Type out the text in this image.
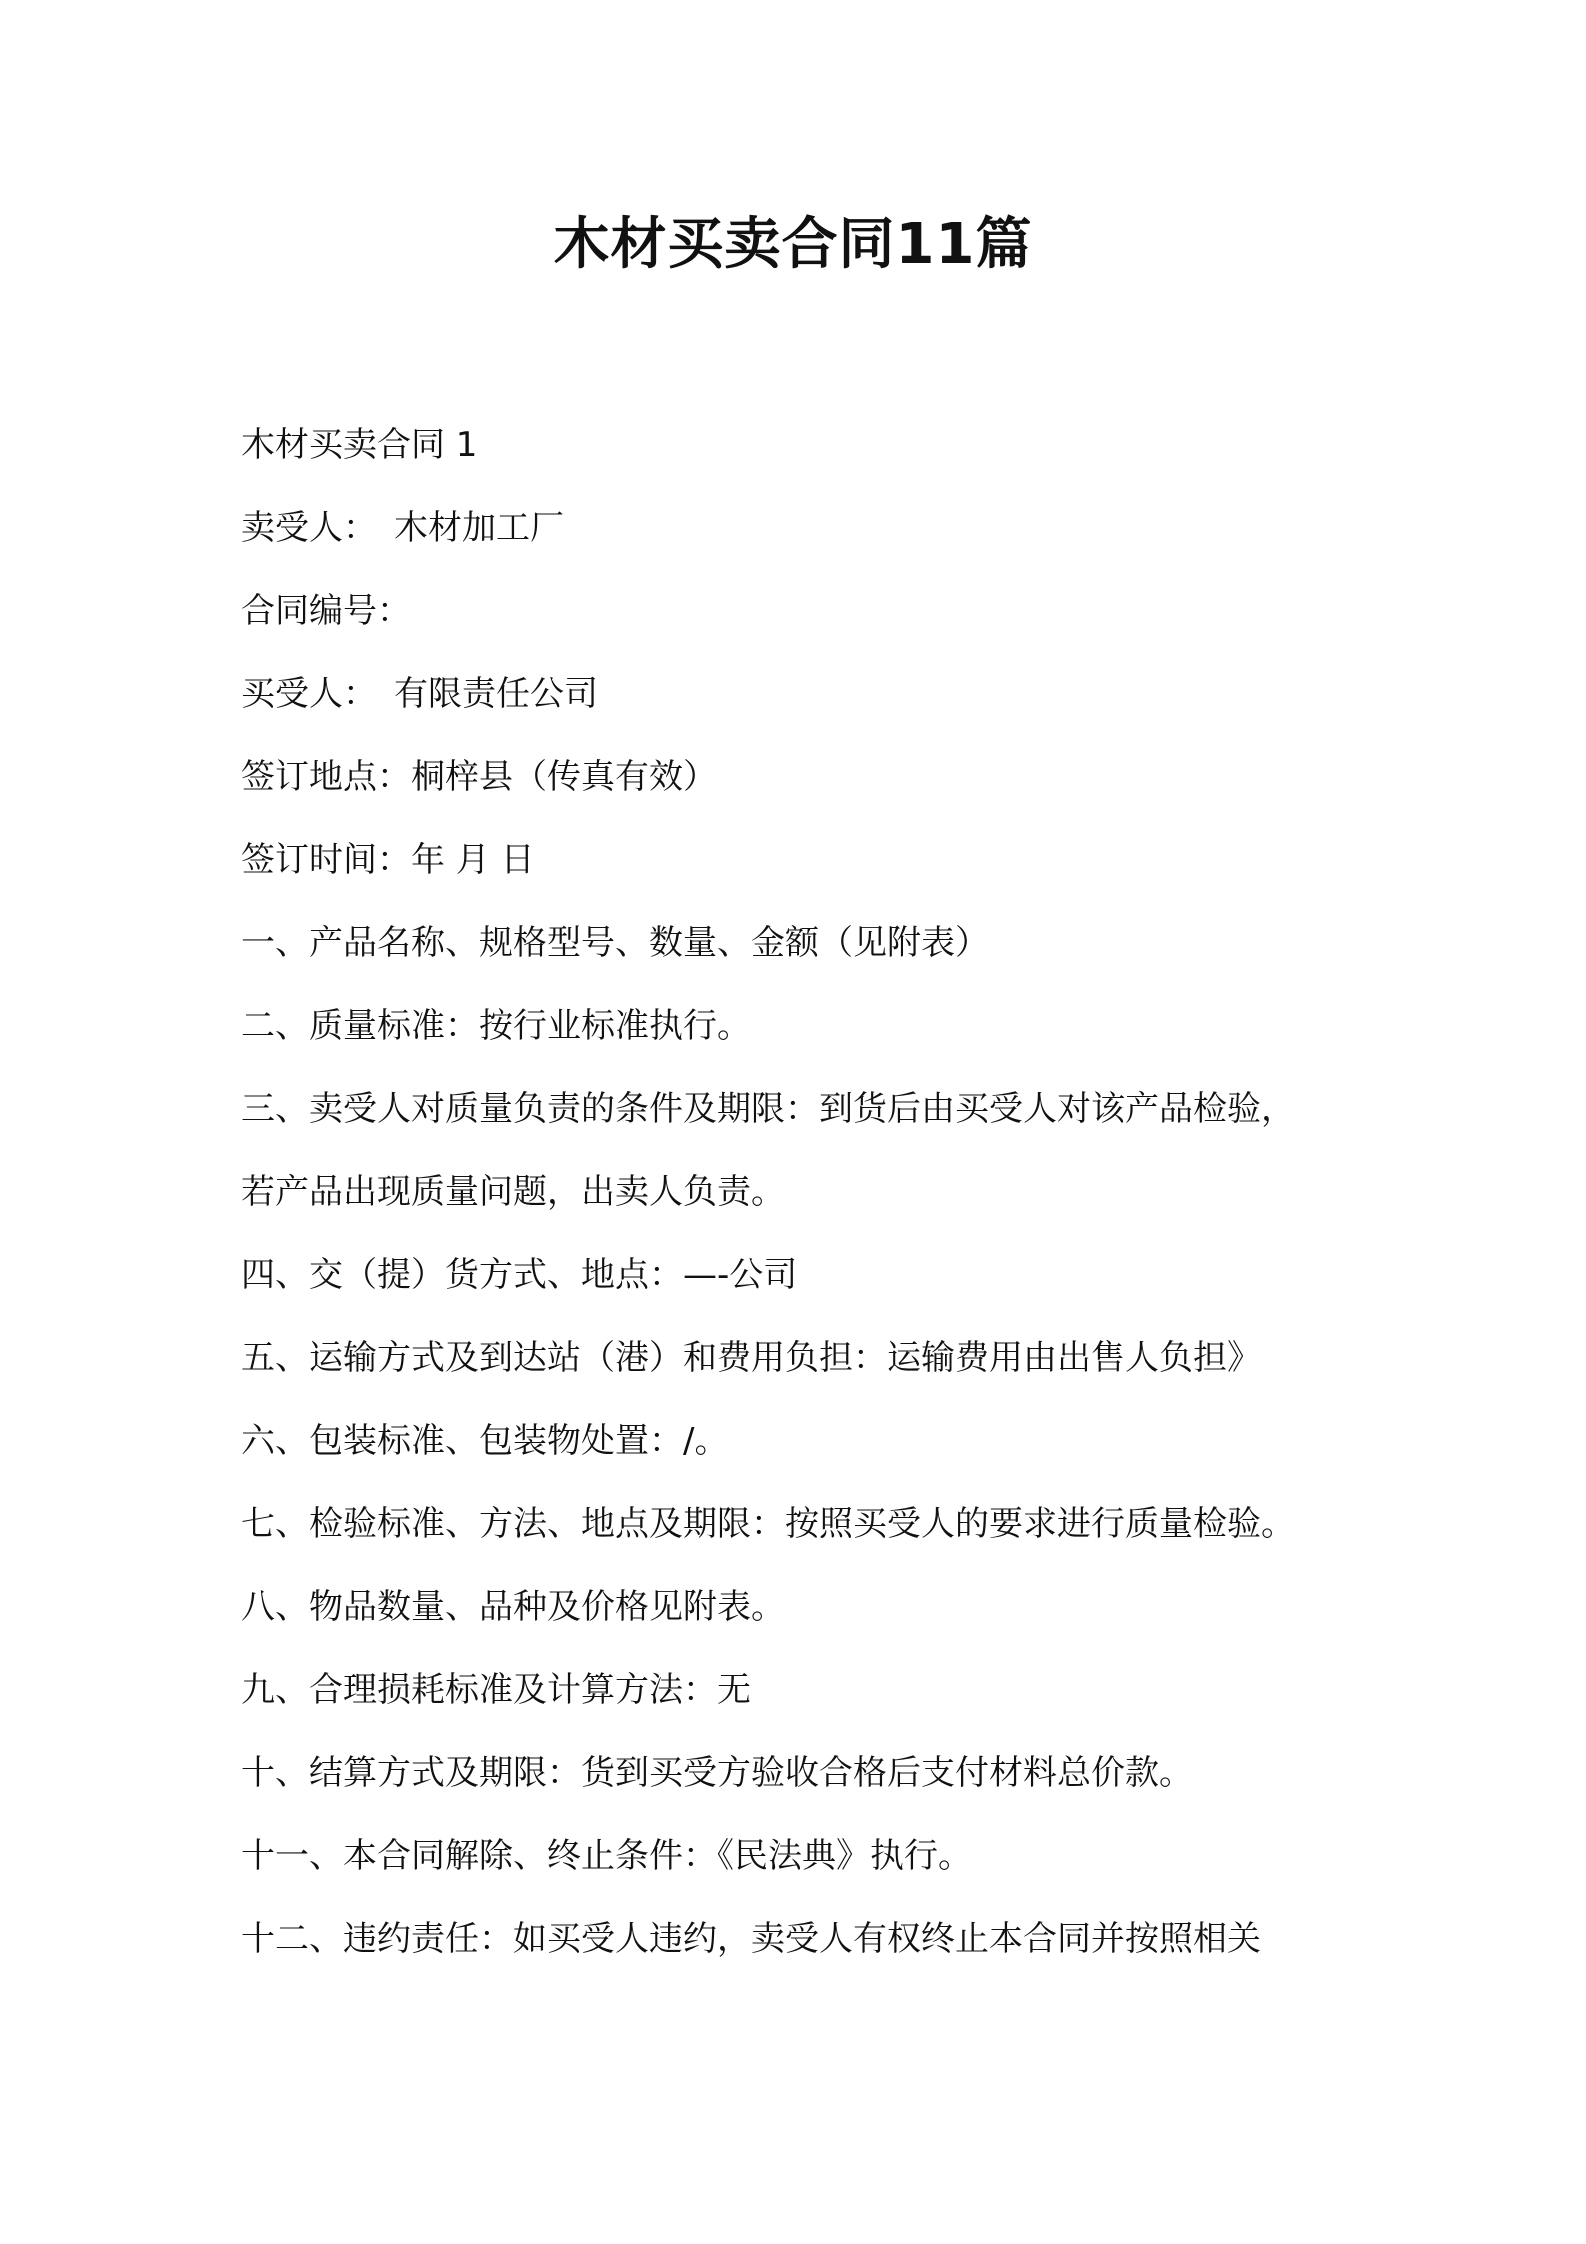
木材买卖合同11篇

木材买卖合同 1

卖受人：　木材加工厂

合同编号：

买受人：　有限责任公司

签订地点：桐梓县（传真有效）

签订时间：年 月 日

一、产品名称、规格型号、数量、金额（见附表）

二、质量标准：按行业标准执行。

三、卖受人对质量负责的条件及期限：到货后由买受人对该产品检验，

若产品出现质量问题，出卖人负责。

四、交（提）货方式、地点：—-公司

五、运输方式及到达站（港）和费用负担：运输费用由出售人负担》

六、包装标准、包装物处置：/。

七、检验标准、方法、地点及期限：按照买受人的要求进行质量检验。

八、物品数量、品种及价格见附表。

九、合理损耗标准及计算方法：无

十、结算方式及期限：货到买受方验收合格后支付材料总价款。

十一、本合同解除、终止条件：《民法典》执行。

十二、违约责任：如买受人违约，卖受人有权终止本合同并按照相关
